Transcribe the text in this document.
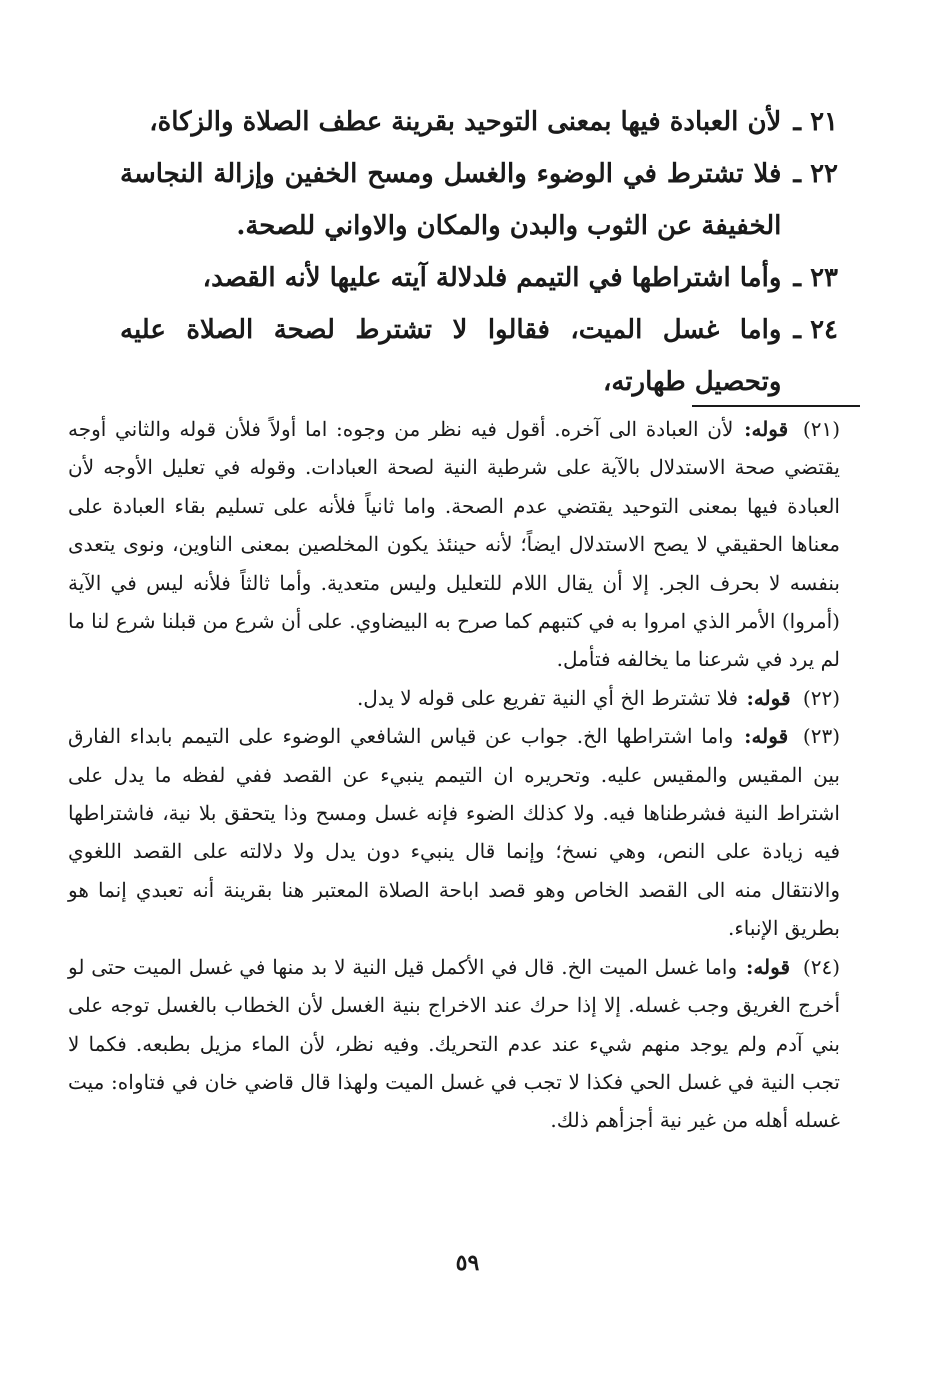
٢١ ـ
لأن العبادة فيها بمعنى التوحيد بقرينة عطف الصلاة والزكاة،
٢٢ ـ
فلا تشترط في الوضوء والغسل ومسح الخفين وإزالة النجاسة الخفيفة عن الثوب والبدن والمكان والاواني للصحة.
٢٣ ـ
وأما اشتراطها في التيمم فلدلالة آيته عليها لأنه القصد،
٢٤ ـ
واما غسل الميت، فقالوا لا تشترط لصحة الصلاة عليه وتحصيل طهارته،

(٢١) قوله: لأن العبادة الى آخره. أقول فيه نظر من وجوه: اما أولاً فلأن قوله والثاني أوجه يقتضي صحة الاستدلال بالآية على شرطية النية لصحة العبادات. وقوله في تعليل الأوجه لأن العبادة فيها بمعنى التوحيد يقتضي عدم الصحة. واما ثانياً فلأنه على تسليم بقاء العبادة على معناها الحقيقي لا يصح الاستدلال ايضاً؛ لأنه حينئذ يكون المخلصين بمعنى الناوين، ونوى يتعدى بنفسه لا بحرف الجر. إلا أن يقال اللام للتعليل وليس متعدية. وأما ثالثاً فلأنه ليس في الآية (أمروا) الأمر الذي امروا به في كتبهم كما صرح به البيضاوي. على أن شرع من قبلنا شرع لنا ما لم يرد في شرعنا ما يخالفه فتأمل.

(٢٢) قوله: فلا تشترط الخ أي النية تفريع على قوله لا يدل.

(٢٣) قوله: واما اشتراطها الخ. جواب عن قياس الشافعي الوضوء على التيمم بابداء الفارق بين المقيس والمقيس عليه. وتحريره ان التيمم ينبيء عن القصد ففي لفظه ما يدل على اشتراط النية فشرطناها فيه. ولا كذلك الضوء فإنه غسل ومسح وذا يتحقق بلا نية، فاشتراطها فيه زيادة على النص، وهي نسخ؛ وإنما قال ينبيء دون يدل ولا دلالته على القصد اللغوي والانتقال منه الى القصد الخاص وهو قصد اباحة الصلاة المعتبر هنا بقرينة أنه تعبدي إنما هو بطريق الإنباء.

(٢٤) قوله: واما غسل الميت الخ. قال في الأكمل قيل النية لا بد منها في غسل الميت حتى لو أخرج الغريق وجب غسله. إلا إذا حرك عند الاخراج بنية الغسل لأن الخطاب بالغسل توجه على بني آدم ولم يوجد منهم شيء عند عدم التحريك. وفيه نظر، لأن الماء مزيل بطبعه. فكما لا تجب النية في غسل الحي فكذا لا تجب في غسل الميت ولهذا قال قاضي خان في فتاواه: ميت غسله أهله من غير نية أجزأهم ذلك.

٥٩
